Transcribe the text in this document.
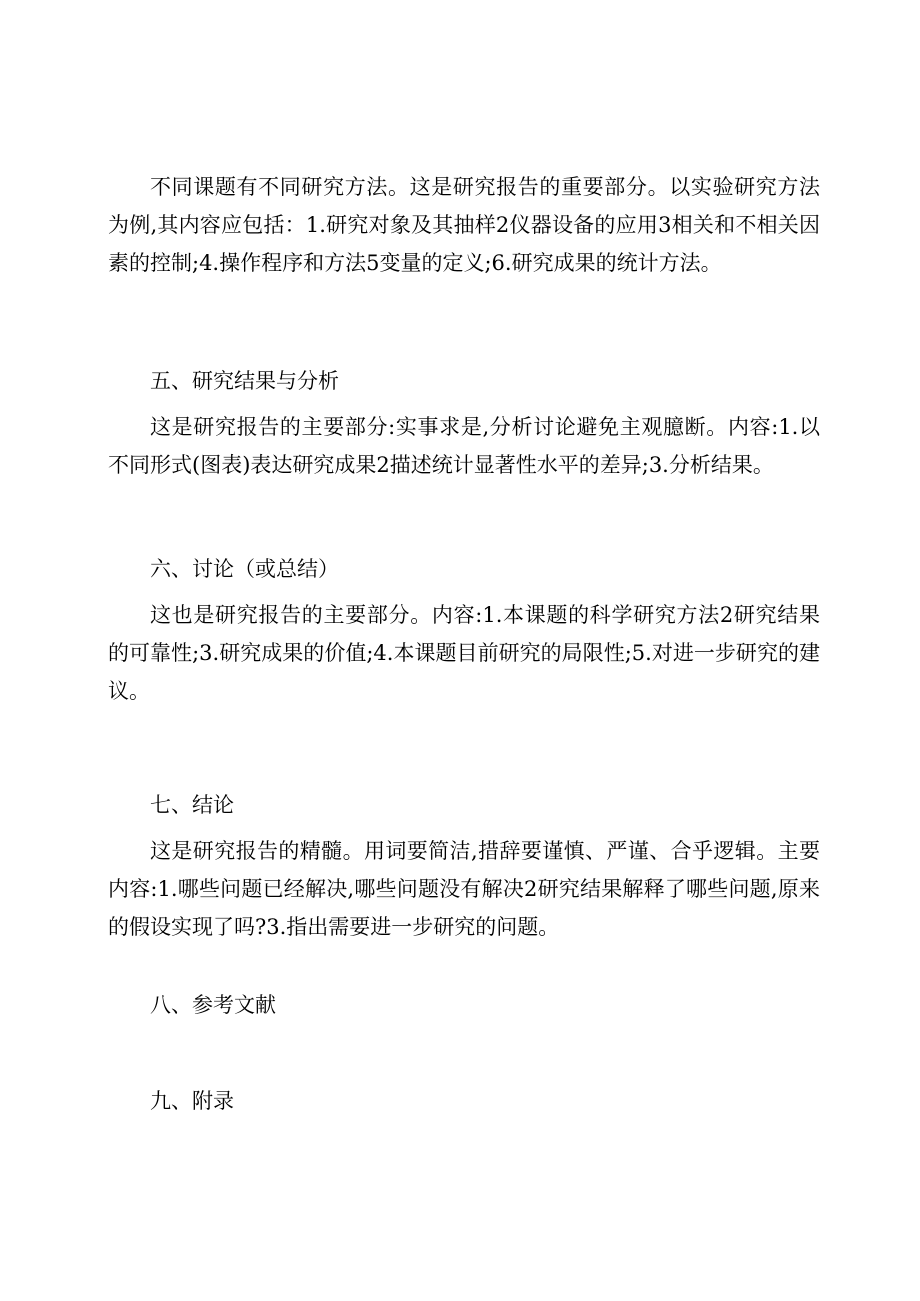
不同课题有不同研究方法。这是研究报告的重要部分。以实验研究方法为例,其内容应包括：1.研究对象及其抽样2仪器设备的应用3相关和不相关因素的控制;4.操作程序和方法5变量的定义;6.研究成果的统计方法。

五、研究结果与分析

这是研究报告的主要部分:实事求是,分析讨论避免主观臆断。内容:1.以不同形式(图表)表达研究成果2描述统计显著性水平的差异;3.分析结果。

六、讨论（或总结）

这也是研究报告的主要部分。内容:1.本课题的科学研究方法2研究结果的可靠性;3.研究成果的价值;4.本课题目前研究的局限性;5.对进一步研究的建议。

七、结论

这是研究报告的精髓。用词要简洁,措辞要谨慎、严谨、合乎逻辑。主要内容:1.哪些问题已经解决,哪些问题没有解决2研究结果解释了哪些问题,原来的假设实现了吗?3.指出需要进一步研究的问题。

八、参考文献

九、附录
